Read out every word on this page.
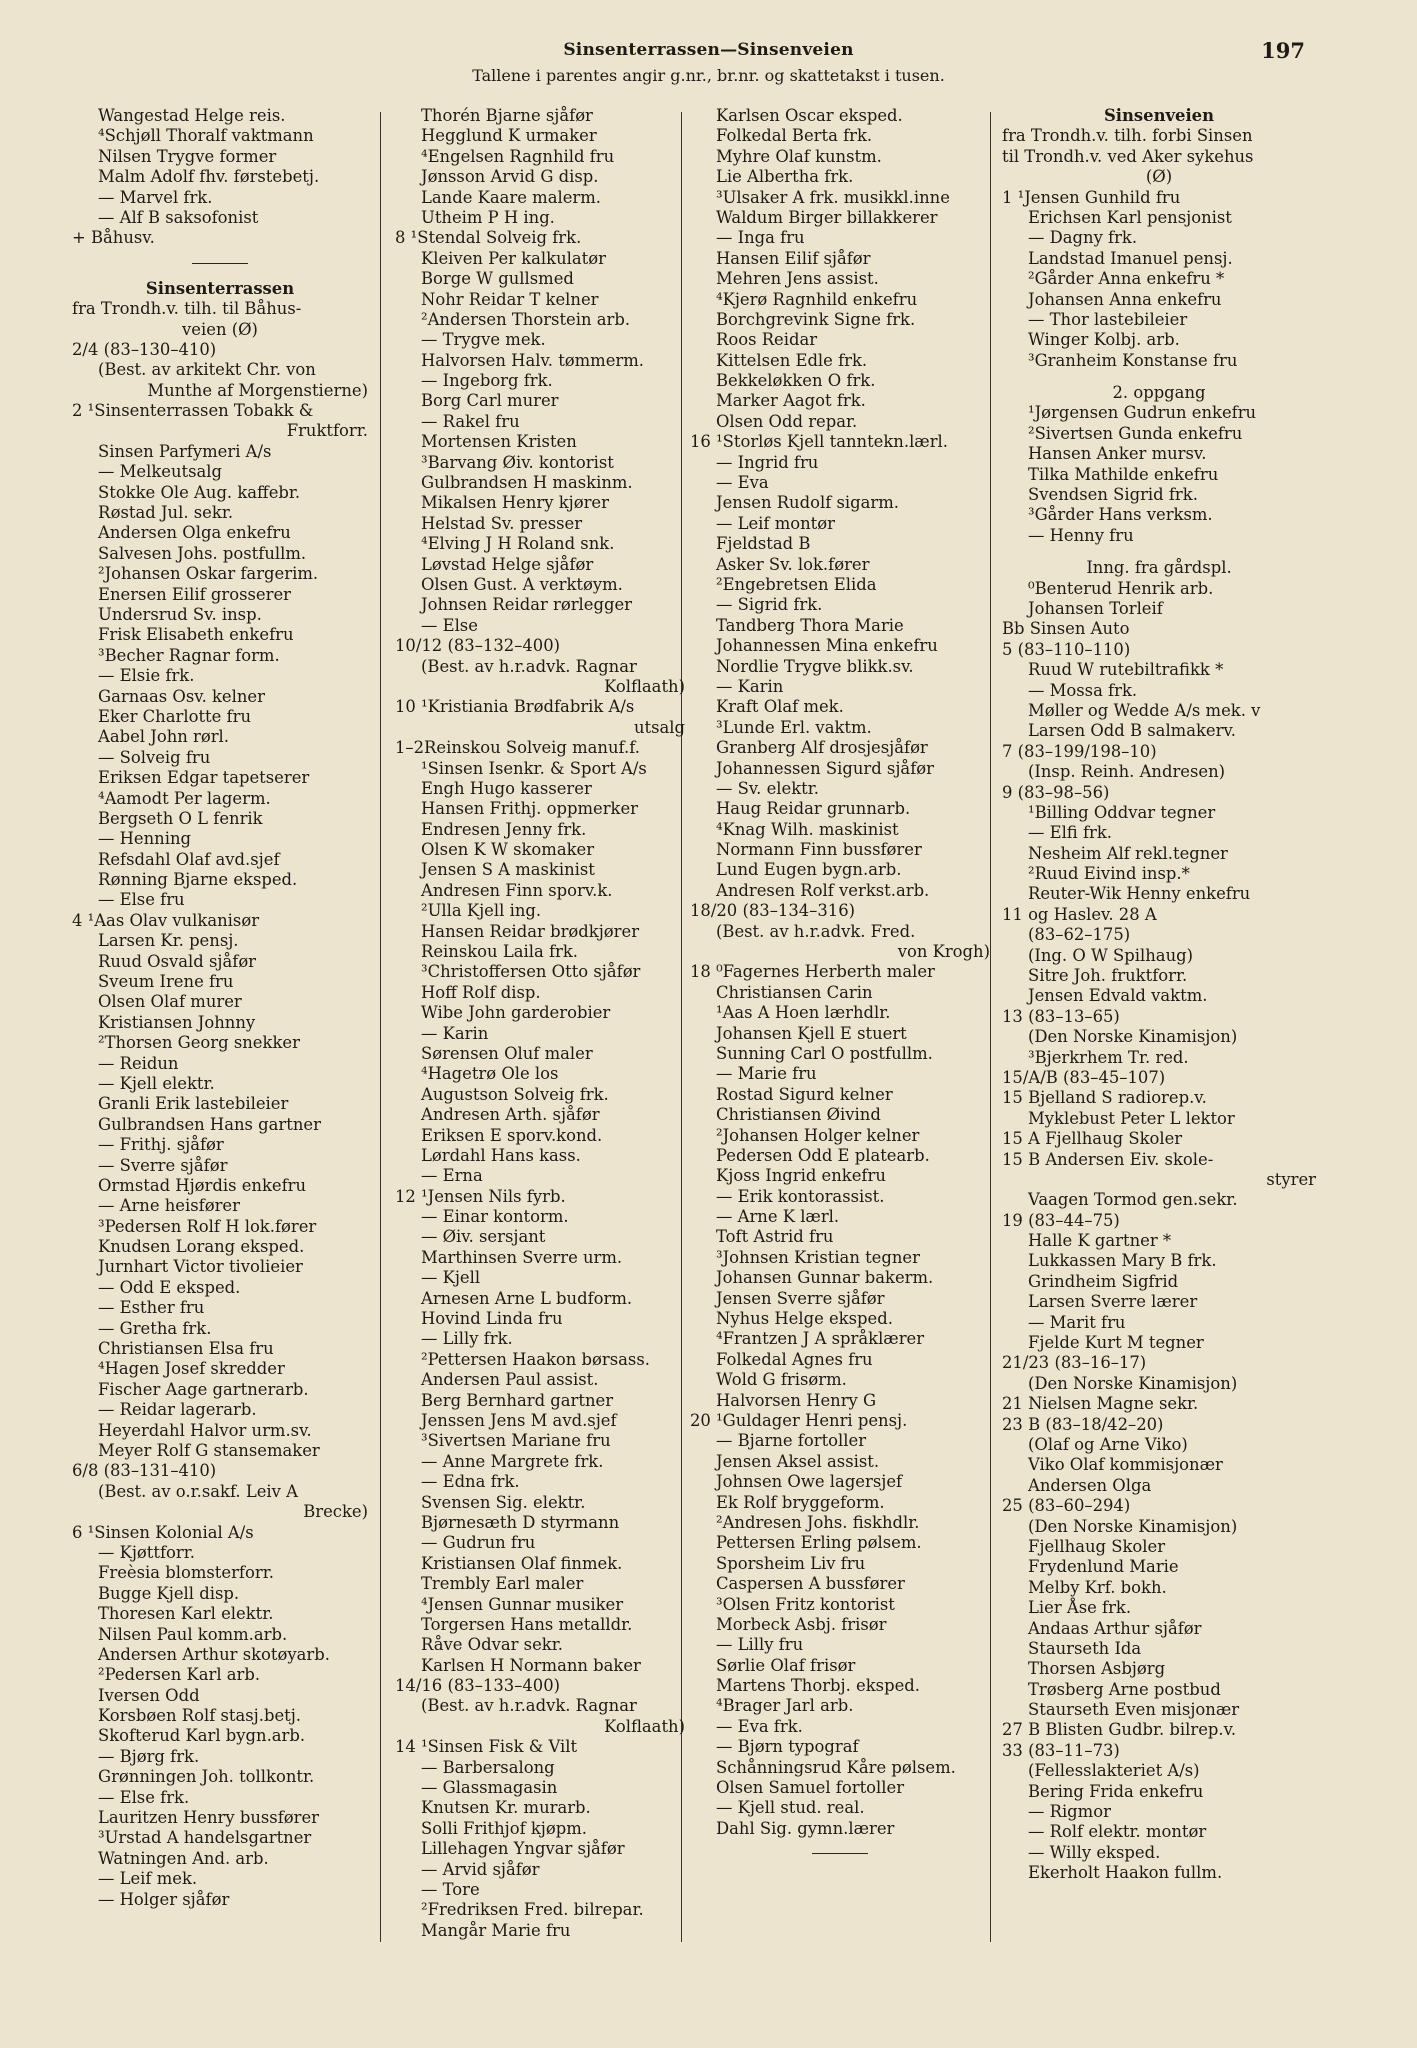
Sinsenterrassen—Sinsenveien
Tallene i parentes angir g.nr., br.nr. og skattetakst i tusen.
197
Wangestad Helge reis.
⁴Schjøll Thoralf vaktmann
Nilsen Trygve former
Malm Adolf fhv. førstebetj.
— Marvel frk.
— Alf B saksofonist
+ Båhusv.
Sinsenterrassen
fra Trondh.v. tilh. til Båhus-
veien (Ø)
2/4 (83–130–410)
(Best. av arkitekt Chr. von
Munthe af Morgenstierne)
2 ¹Sinsenterrassen Tobakk &
Fruktforr.
Sinsen Parfymeri A/s
— Melkeutsalg
Stokke Ole Aug. kaffebr.
Røstad Jul. sekr.
Andersen Olga enkefru
Salvesen Johs. postfullm.
²Johansen Oskar fargerim.
Enersen Eilif grosserer
Undersrud Sv. insp.
Frisk Elisabeth enkefru
³Becher Ragnar form.
— Elsie frk.
Garnaas Osv. kelner
Eker Charlotte fru
Aabel John rørl.
— Solveig fru
Eriksen Edgar tapetserer
⁴Aamodt Per lagerm.
Bergseth O L fenrik
— Henning
Refsdahl Olaf avd.sjef
Rønning Bjarne eksped.
— Else fru
4 ¹Aas Olav vulkanisør
Larsen Kr. pensj.
Ruud Osvald sjåfør
Sveum Irene fru
Olsen Olaf murer
Kristiansen Johnny
²Thorsen Georg snekker
— Reidun
— Kjell elektr.
Granli Erik lastebileier
Gulbrandsen Hans gartner
— Frithj. sjåfør
— Sverre sjåfør
Ormstad Hjørdis enkefru
— Arne heisfører
³Pedersen Rolf H lok.fører
Knudsen Lorang eksped.
Jurnhart Victor tivolieier
— Odd E eksped.
— Esther fru
— Gretha frk.
Christiansen Elsa fru
⁴Hagen Josef skredder
Fischer Aage gartnerarb.
— Reidar lagerarb.
Heyerdahl Halvor urm.sv.
Meyer Rolf G stansemaker
6/8 (83–131–410)
(Best. av o.r.sakf. Leiv A
Brecke)
6 ¹Sinsen Kolonial A/s
— Kjøttforr.
Freèsia blomsterforr.
Bugge Kjell disp.
Thoresen Karl elektr.
Nilsen Paul komm.arb.
Andersen Arthur skotøyarb.
²Pedersen Karl arb.
Iversen Odd
Korsbøen Rolf stasj.betj.
Skofterud Karl bygn.arb.
— Bjørg frk.
Grønningen Joh. tollkontr.
— Else frk.
Lauritzen Henry bussfører
³Urstad A handelsgartner
Watningen And. arb.
— Leif mek.
— Holger sjåfør
Thorén Bjarne sjåfør
Hegglund K urmaker
⁴Engelsen Ragnhild fru
Jønsson Arvid G disp.
Lande Kaare malerm.
Utheim P H ing.
8 ¹Stendal Solveig frk.
Kleiven Per kalkulatør
Borge W gullsmed
Nohr Reidar T kelner
²Andersen Thorstein arb.
— Trygve mek.
Halvorsen Halv. tømmerm.
— Ingeborg frk.
Borg Carl murer
— Rakel fru
Mortensen Kristen
³Barvang Øiv. kontorist
Gulbrandsen H maskinm.
Mikalsen Henry kjører
Helstad Sv. presser
⁴Elving J H Roland snk.
Løvstad Helge sjåfør
Olsen Gust. A verktøym.
Johnsen Reidar rørlegger
— Else
10/12 (83–132–400)
(Best. av h.r.advk. Ragnar
Kolflaath)
10 ¹Kristiania Brødfabrik A/s
utsalg
1–2Reinskou Solveig manuf.f.
¹Sinsen Isenkr. & Sport A/s
Engh Hugo kasserer
Hansen Frithj. oppmerker
Endresen Jenny frk.
Olsen K W skomaker
Jensen S A maskinist
Andresen Finn sporv.k.
²Ulla Kjell ing.
Hansen Reidar brødkjører
Reinskou Laila frk.
³Christoffersen Otto sjåfør
Hoff Rolf disp.
Wibe John garderobier
— Karin
Sørensen Oluf maler
⁴Hagetrø Ole los
Augustson Solveig frk.
Andresen Arth. sjåfør
Eriksen E sporv.kond.
Lørdahl Hans kass.
— Erna
12 ¹Jensen Nils fyrb.
— Einar kontorm.
— Øiv. sersjant
Marthinsen Sverre urm.
— Kjell
Arnesen Arne L budform.
Hovind Linda fru
— Lilly frk.
²Pettersen Haakon børsass.
Andersen Paul assist.
Berg Bernhard gartner
Jenssen Jens M avd.sjef
³Sivertsen Mariane fru
— Anne Margrete frk.
— Edna frk.
Svensen Sig. elektr.
Bjørnesæth D styrmann
— Gudrun fru
Kristiansen Olaf finmek.
Trembly Earl maler
⁴Jensen Gunnar musiker
Torgersen Hans metalldr.
Råve Odvar sekr.
Karlsen H Normann baker
14/16 (83–133–400)
(Best. av h.r.advk. Ragnar
Kolflaath)
14 ¹Sinsen Fisk & Vilt
— Barbersalong
— Glassmagasin
Knutsen Kr. murarb.
Solli Frithjof kjøpm.
Lillehagen Yngvar sjåfør
— Arvid sjåfør
— Tore
²Fredriksen Fred. bilrepar.
Mangår Marie fru
Karlsen Oscar eksped.
Folkedal Berta frk.
Myhre Olaf kunstm.
Lie Albertha frk.
³Ulsaker A frk. musikkl.inne
Waldum Birger billakkerer
— Inga fru
Hansen Eilif sjåfør
Mehren Jens assist.
⁴Kjerø Ragnhild enkefru
Borchgrevink Signe frk.
Roos Reidar
Kittelsen Edle frk.
Bekkeløkken O frk.
Marker Aagot frk.
Olsen Odd repar.
16 ¹Storløs Kjell tanntekn.lærl.
— Ingrid fru
— Eva
Jensen Rudolf sigarm.
— Leif montør
Fjeldstad B
Asker Sv. lok.fører
²Engebretsen Elida
— Sigrid frk.
Tandberg Thora Marie
Johannessen Mina enkefru
Nordlie Trygve blikk.sv.
— Karin
Kraft Olaf mek.
³Lunde Erl. vaktm.
Granberg Alf drosjesjåfør
Johannessen Sigurd sjåfør
— Sv. elektr.
Haug Reidar grunnarb.
⁴Knag Wilh. maskinist
Normann Finn bussfører
Lund Eugen bygn.arb.
Andresen Rolf verkst.arb.
18/20 (83–134–316)
(Best. av h.r.advk. Fred.
von Krogh)
18 ⁰Fagernes Herberth maler
Christiansen Carin
¹Aas A Hoen lærhdlr.
Johansen Kjell E stuert
Sunning Carl O postfullm.
— Marie fru
Rostad Sigurd kelner
Christiansen Øivind
²Johansen Holger kelner
Pedersen Odd E platearb.
Kjoss Ingrid enkefru
— Erik kontorassist.
— Arne K lærl.
Toft Astrid fru
³Johnsen Kristian tegner
Johansen Gunnar bakerm.
Jensen Sverre sjåfør
Nyhus Helge eksped.
⁴Frantzen J A språklærer
Folkedal Agnes fru
Wold G frisørm.
Halvorsen Henry G
20 ¹Guldager Henri pensj.
— Bjarne fortoller
Jensen Aksel assist.
Johnsen Owe lagersjef
Ek Rolf bryggeform.
²Andresen Johs. fiskhdlr.
Pettersen Erling pølsem.
Sporsheim Liv fru
Caspersen A bussfører
³Olsen Fritz kontorist
Morbeck Asbj. frisør
— Lilly fru
Sørlie Olaf frisør
Martens Thorbj. eksped.
⁴Brager Jarl arb.
— Eva frk.
— Bjørn typograf
Schånningsrud Kåre pølsem.
Olsen Samuel fortoller
— Kjell stud. real.
Dahl Sig. gymn.lærer
Sinsenveien
fra Trondh.v. tilh. forbi Sinsen
til Trondh.v. ved Aker sykehus
(Ø)
1 ¹Jensen Gunhild fru
Erichsen Karl pensjonist
— Dagny frk.
Landstad Imanuel pensj.
²Gårder Anna enkefru *
Johansen Anna enkefru
— Thor lastebileier
Winger Kolbj. arb.
³Granheim Konstanse fru
2. oppgang
¹Jørgensen Gudrun enkefru
²Sivertsen Gunda enkefru
Hansen Anker mursv.
Tilka Mathilde enkefru
Svendsen Sigrid frk.
³Gårder Hans verksm.
— Henny fru
Inng. fra gårdspl.
⁰Benterud Henrik arb.
Johansen Torleif
Bb Sinsen Auto
5 (83–110–110)
Ruud W rutebiltrafikk *
— Mossa frk.
Møller og Wedde A/s mek. v
Larsen Odd B salmakerv.
7 (83–199/198–10)
(Insp. Reinh. Andresen)
9 (83–98–56)
¹Billing Oddvar tegner
— Elfi frk.
Nesheim Alf rekl.tegner
²Ruud Eivind insp.*
Reuter-Wik Henny enkefru
11 og Haslev. 28 A
(83–62–175)
(Ing. O W Spilhaug)
Sitre Joh. fruktforr.
Jensen Edvald vaktm.
13 (83–13–65)
(Den Norske Kinamisjon)
³Bjerkrhem Tr. red.
15/A/B (83–45–107)
15 Bjelland S radiorep.v.
Myklebust Peter L lektor
15 A Fjellhaug Skoler
15 B Andersen Eiv. skole-
styrer
Vaagen Tormod gen.sekr.
19 (83–44–75)
Halle K gartner *
Lukkassen Mary B frk.
Grindheim Sigfrid
Larsen Sverre lærer
— Marit fru
Fjelde Kurt M tegner
21/23 (83–16–17)
(Den Norske Kinamisjon)
21 Nielsen Magne sekr.
23 B (83–18/42–20)
(Olaf og Arne Viko)
Viko Olaf kommisjonær
Andersen Olga
25 (83–60–294)
(Den Norske Kinamisjon)
Fjellhaug Skoler
Frydenlund Marie
Melby Krf. bokh.
Lier Åse frk.
Andaas Arthur sjåfør
Staurseth Ida
Thorsen Asbjørg
Trøsberg Arne postbud
Staurseth Even misjonær
27 B Blisten Gudbr. bilrep.v.
33 (83–11–73)
(Fellesslakteriet A/s)
Bering Frida enkefru
— Rigmor
— Rolf elektr. montør
— Willy eksped.
Ekerholt Haakon fullm.
